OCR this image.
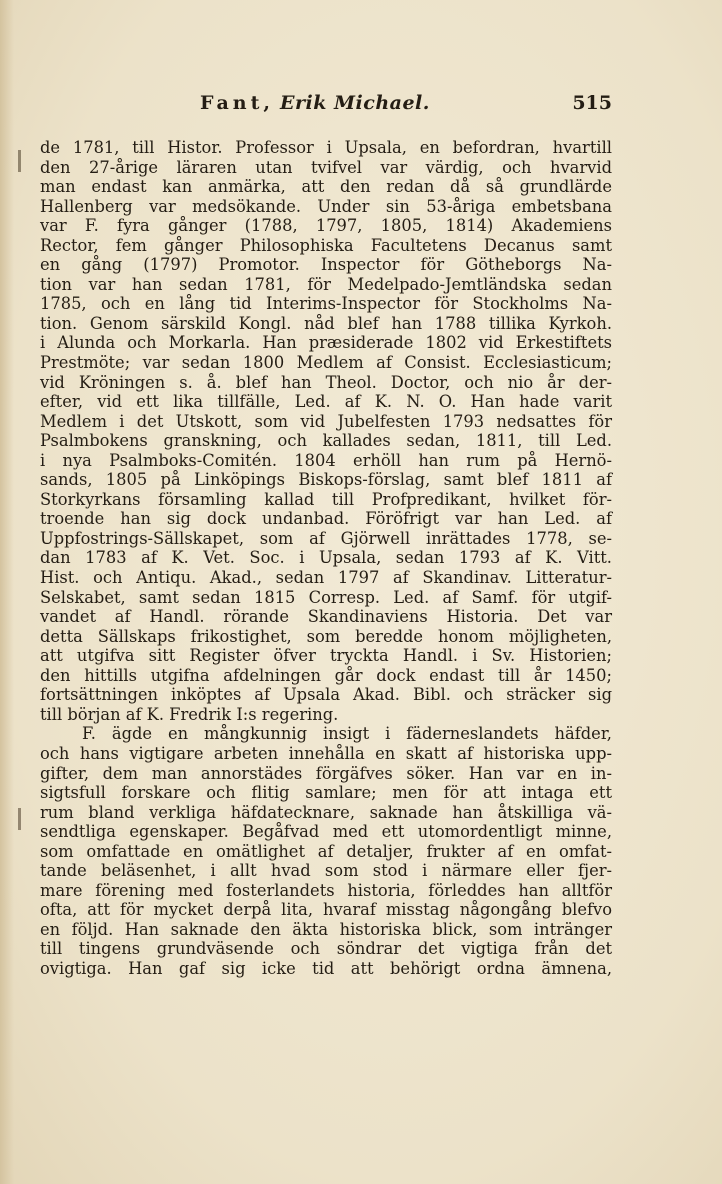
Fant, Erik Michael.	515
de 1781, till Histor. Professor i Upsala, en befordran, hvartill
den 27-årige läraren utan tvifvel var värdig, och hvarvid
man endast kan anmärka, att den redan då så grundlärde
Hallenberg var medsökande. Under sin 53-åriga embetsbana
var F. fyra gånger (1788, 1797, 1805, 1814) Akademiens
Rector, fem gånger Philosophiska Facultetens Decanus samt
en gång (1797) Promotor. Inspector för Götheborgs Na-
tion var han sedan 1781, för Medelpado-Jemtländska sedan
1785, och en lång tid Interims-Inspector för Stockholms Na-
tion. Genom särskild Kongl. nåd blef han 1788 tillika Kyrkoh.
i Alunda och Morkarla. Han præsiderade 1802 vid Erkestiftets
Prestmöte; var sedan 1800 Medlem af Consist. Ecclesiasticum;
vid Kröningen s. å. blef han Theol. Doctor, och nio år der-
efter, vid ett lika tillfälle, Led. af K. N. O. Han hade varit
Medlem i det Utskott, som vid Jubelfesten 1793 nedsattes för
Psalmbokens granskning, och kallades sedan, 1811, till Led.
i nya Psalmboks-Comitén. 1804 erhöll han rum på Hernö-
sands, 1805 på Linköpings Biskops-förslag, samt blef 1811 af
Storkyrkans församling kallad till Profpredikant, hvilket för-
troende han sig dock undanbad. Föröfrigt var han Led. af
Uppfostrings-Sällskapet, som af Gjörwell inrättades 1778, se-
dan 1783 af K. Vet. Soc. i Upsala, sedan 1793 af K. Vitt.
Hist. och Antiqu. Akad., sedan 1797 af Skandinav. Litteratur-
Selskabet, samt sedan 1815 Corresp. Led. af Samf. för utgif-
vandet af Handl. rörande Skandinaviens Historia. Det var
detta Sällskaps frikostighet, som beredde honom möjligheten,
att utgifva sitt Register öfver tryckta Handl. i Sv. Historien;
den hittills utgifna afdelningen går dock endast till år 1450;
fortsättningen inköptes af Upsala Akad. Bibl. och sträcker sig
till början af K. Fredrik I:s regering.
F. ägde en mångkunnig insigt i fäderneslandets häfder,
och hans vigtigare arbeten innehålla en skatt af historiska upp-
gifter, dem man annorstädes förgäfves söker. Han var en in-
sigtsfull forskare och flitig samlare; men för att intaga ett
rum bland verkliga häfdatecknare, saknade han åtskilliga vä-
sendtliga egenskaper. Begåfvad med ett utomordentligt minne,
som omfattade en omätlighet af detaljer, frukter af en omfat-
tande beläsenhet, i allt hvad som stod i närmare eller fjer-
mare förening med fosterlandets historia, förleddes han alltför
ofta, att för mycket derpå lita, hvaraf misstag någongång blefvo
en följd. Han saknade den äkta historiska blick, som intränger
till tingens grundväsende och söndrar det vigtiga från det
ovigtiga. Han gaf sig icke tid att behörigt ordna ämnena,
